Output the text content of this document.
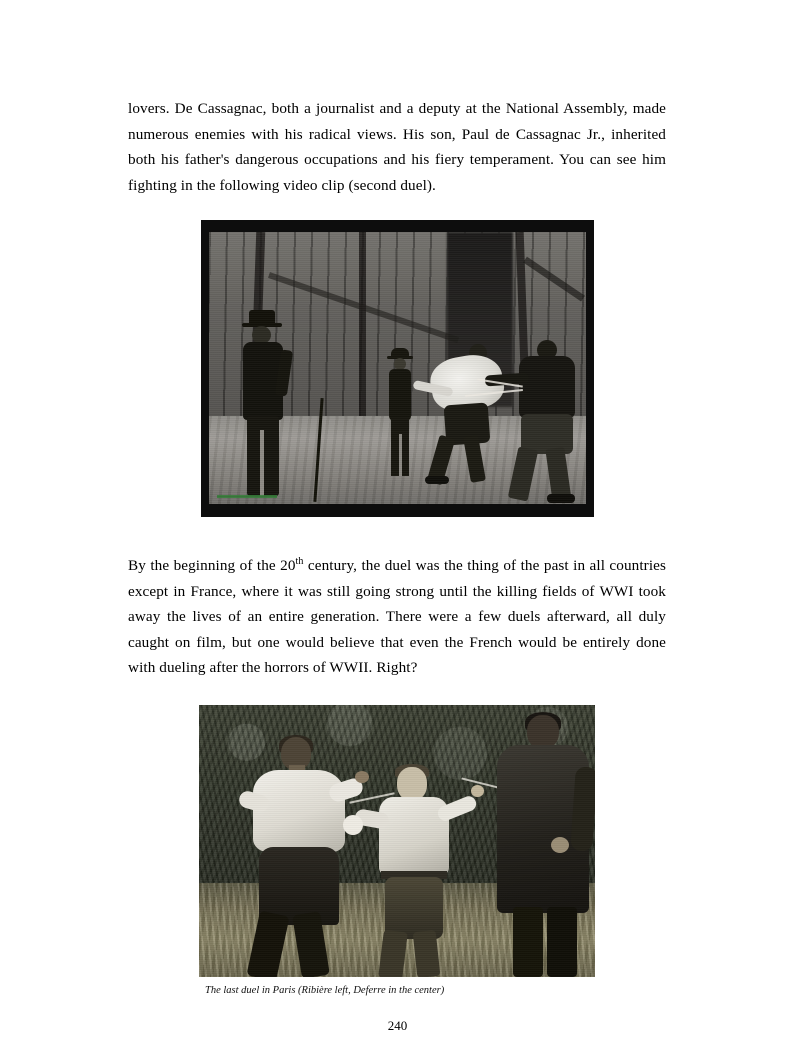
lovers. De Cassagnac, both a journalist and a deputy at the National Assembly, made numerous enemies with his radical views. His son, Paul de Cassagnac Jr., inherited both his father's dangerous occupations and his fiery temperament. You can see him fighting in the following video clip (second duel).

By the beginning of the 20th century, the duel was the thing of the past in all countries except in France, where it was still going strong until the killing fields of WWI took away the lives of an entire generation. There were a few duels afterward, all duly caught on film, but one would believe that even the French would be entirely done with dueling after the horrors of WWII. Right?

The last duel in Paris (Ribière left, Deferre in the center)
240
